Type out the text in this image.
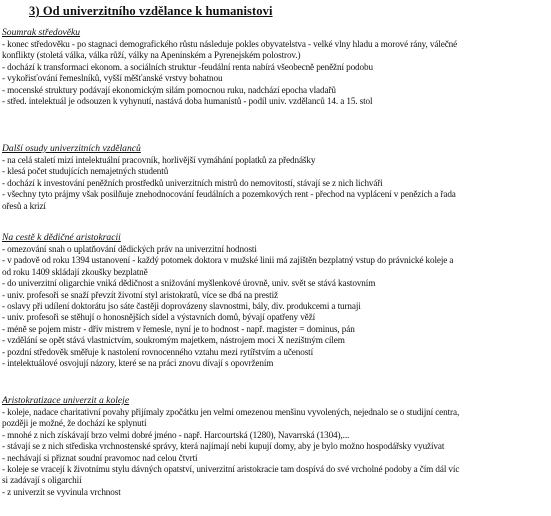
3) Od univerzitního vzdělance k humanistovi
Soumrak středověku
- konec středověku - po stagnaci demografického růstu následuje pokles obyvatelstva - velké vlny hladu a morové rány, válečné
konflikty (stoletá válka, válka růží, války na Apeninském a Pyrenejském polostrov.)
- dochází k transformaci ekonom. a sociálních struktur -feudální renta nabírá všeobecně peněžní podobu
- vykořisťování řemeslníků, vyšší měšťanské vrstvy bohatnou
- mocenské struktury podávají ekonomickým silám pomocnou ruku, nadchází epocha vladařů
- střed. intelektuál je odsouzen k vyhynutí, nastává doba humanistů - podíl univ. vzdělanců 14. a 15. stol
Další osudy univerzitních vzdělanců
- na celá staletí mizí intelektuální pracovník, horlivější vymáhání poplatků za přednášky
- klesá počet studujících nemajetných studentů
- dochází k investování peněžních prostředků univerzitních mistrů do nemovitostí, stávají se z nich lichváři
- všechny tyto prájmy však posilňuje znehodnocování feudálních a pozemkových rent - přechod na vyplácení v penězích a řada
ořesů a krizí
Na cestě k dědičné aristokracii
- omezování snah o uplatňování dědických práv na univerzitní hodnosti
- v padově od roku 1394 ustanovení - každý potomek doktora v mužské linii má zajištěn bezplatný vstup do právnické koleje a
od roku 1409 skládají zkoušky bezplatně
- do univerzitní oligarchie vniká dědičnost a snižování myšlenkové úrovně, univ. svět se stává kastovním
- univ. profesoři se snaží převzít životní styl aristokratů, více se dbá na prestiž
- oslavy při udílení doktorátu jso sáte častěji doprovázeny slavnostmi, bály, div. produkcemi a turnaji
- univ. profesoři se stěhují o honosnějších sídel a výstavních domů, bývají opatřeny věží
- méně se pojem mistr - dřív mistrem v řemesle, nyní je to hodnost - např. magister = dominus, pán
- vzdělání se opět stává vlastnictvím, soukromým majetkem, nástrojem moci X nezištným cílem
- pozdní středověk směřuje k nastolení rovnocenného vztahu mezi rytířstvím a učeností
- intelektuálové osvojují názory, které se na práci znovu dívají s opovržením
Aristokratizace univerzit a koleje
- koleje, nadace charitativní povahy přijímaly zpočátku jen velmi omezenou menšinu vyvolených, nejednalo se o studijní centra,
později je možné, že dochází ke splynutí
- mnohé z nich získávají brzo velmi dobré jméno - např. Harcourtská (1280), Navarrská (1304),...
- stávají se z nich střediska vrchnostenské správy, která najímají nebi kupují domy, aby je bylo možno hospodářsky využívat
- nechávají si přiznat soudní pravomoc nad celou čtvrtí
- koleje se vracejí k životnímu stylu dávných opatství, univerzitní aristokracie tam dospívá do své vrcholné podoby a čím dál víc
si zadávají s oligarchií
- z univerzit se vyvinula vrchnost
